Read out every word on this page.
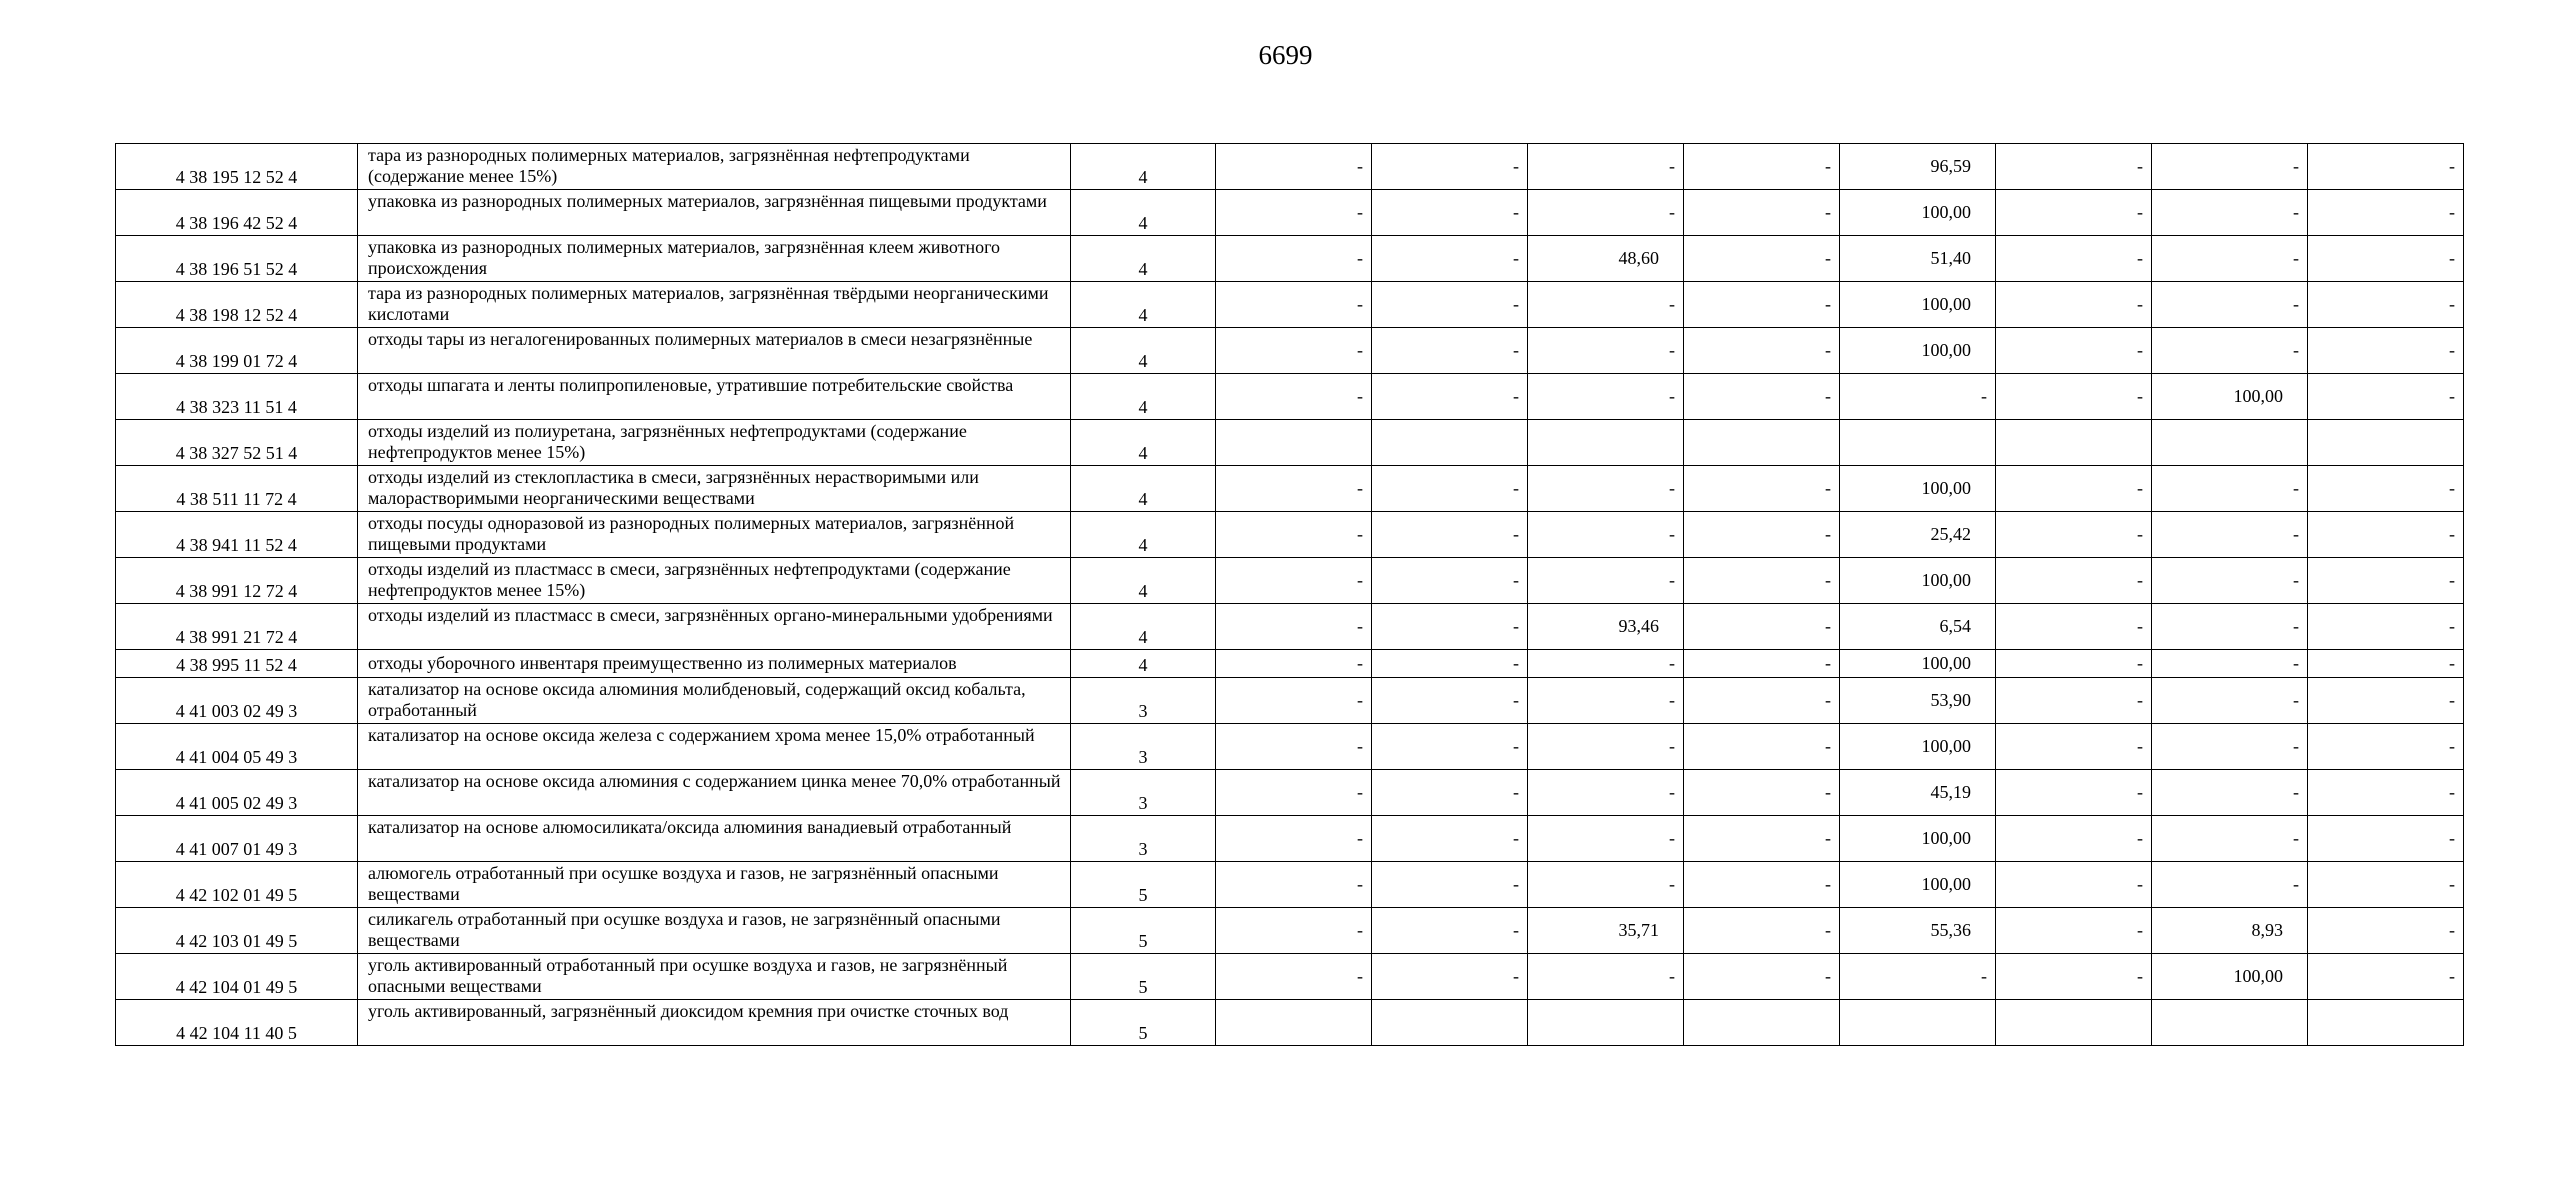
6699
4 38 195 12 52 4	тара из разнородных полимерных материалов, загрязнённая нефтепродуктами (содержание менее 15%)	4	-	-	-	-	96,59	-	-	-
4 38 196 42 52 4	упаковка из разнородных полимерных материалов, загрязнённая пищевыми продуктами	4	-	-	-	-	100,00	-	-	-
4 38 196 51 52 4	упаковка из разнородных полимерных материалов, загрязнённая клеем животного происхождения	4	-	-	48,60	-	51,40	-	-	-
4 38 198 12 52 4	тара из разнородных полимерных материалов, загрязнённая твёрдыми неорганическими кислотами	4	-	-	-	-	100,00	-	-	-
4 38 199 01 72 4	отходы тары из негалогенированных полимерных материалов в смеси незагрязнённые	4	-	-	-	-	100,00	-	-	-
4 38 323 11 51 4	отходы шпагата и ленты полипропиленовые, утратившие потребительские свойства	4	-	-	-	-	-	-	100,00	-
4 38 327 52 51 4	отходы изделий из полиуретана, загрязнённых нефтепродуктами (содержание нефтепродуктов менее 15%)	4								
4 38 511 11 72 4	отходы изделий из стеклопластика в смеси, загрязнённых нерастворимыми или малорастворимыми неорганическими веществами	4	-	-	-	-	100,00	-	-	-
4 38 941 11 52 4	отходы посуды одноразовой из разнородных полимерных материалов, загрязнённой пищевыми продуктами	4	-	-	-	-	25,42	-	-	-
4 38 991 12 72 4	отходы изделий из пластмасс в смеси, загрязнённых нефтепродуктами (содержание нефтепродуктов менее 15%)	4	-	-	-	-	100,00	-	-	-
4 38 991 21 72 4	отходы изделий из пластмасс в смеси, загрязнённых органо-минеральными удобрениями	4	-	-	93,46	-	6,54	-	-	-
4 38 995 11 52 4	отходы уборочного инвентаря преимущественно из полимерных материалов	4	-	-	-	-	100,00	-	-	-
4 41 003 02 49 3	катализатор на основе оксида алюминия молибденовый, содержащий оксид кобальта, отработанный	3	-	-	-	-	53,90	-	-	-
4 41 004 05 49 3	катализатор на основе оксида железа с содержанием хрома менее 15,0% отработанный	3	-	-	-	-	100,00	-	-	-
4 41 005 02 49 3	катализатор на основе оксида алюминия с содержанием цинка менее 70,0% отработанный	3	-	-	-	-	45,19	-	-	-
4 41 007 01 49 3	катализатор на основе алюмосиликата/оксида алюминия ванадиевый отработанный	3	-	-	-	-	100,00	-	-	-
4 42 102 01 49 5	алюмогель отработанный при осушке воздуха и газов, не загрязнённый опасными веществами	5	-	-	-	-	100,00	-	-	-
4 42 103 01 49 5	силикагель отработанный при осушке воздуха и газов, не загрязнённый опасными веществами	5	-	-	35,71	-	55,36	-	8,93	-
4 42 104 01 49 5	уголь активированный отработанный при осушке воздуха и газов, не загрязнённый опасными веществами	5	-	-	-	-	-	-	100,00	-
4 42 104 11 40 5	уголь активированный, загрязнённый диоксидом кремния при очистке сточных вод	5								
